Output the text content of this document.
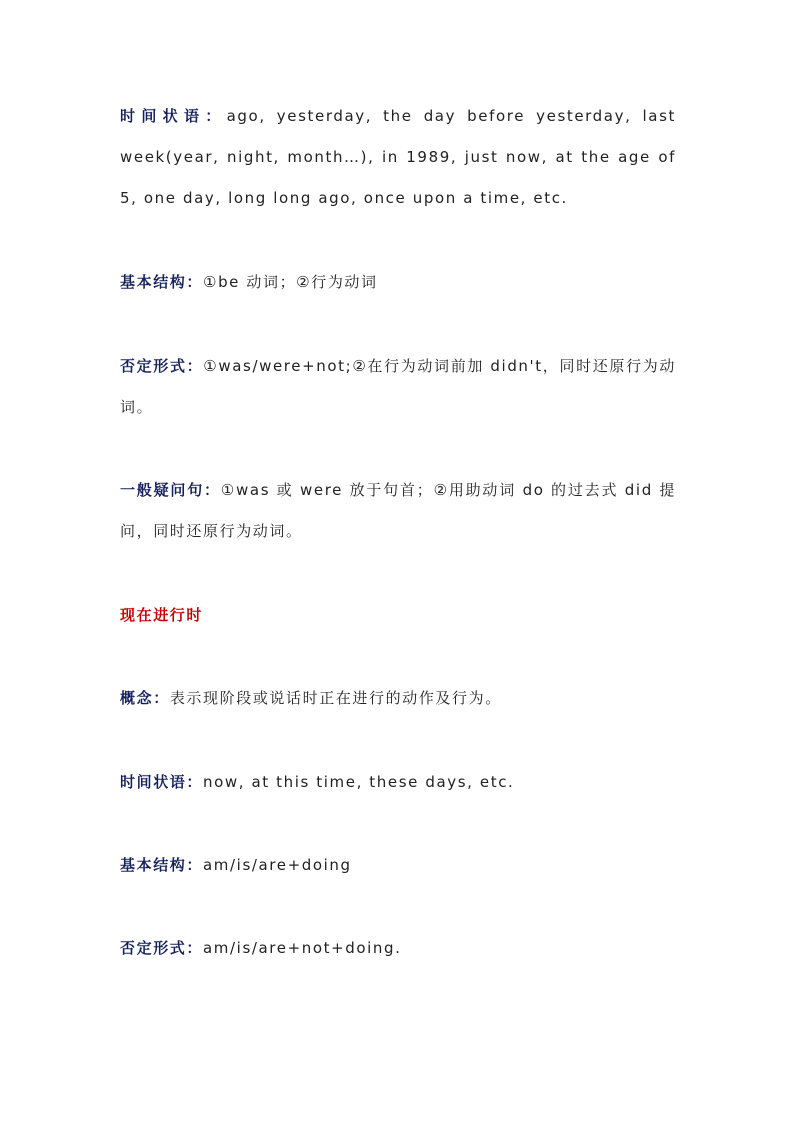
时间状语：ago, yesterday, the day before yesterday, last week(year, night, month…), in 1989, just now, at the age of 5, one day, long long ago, once upon a time, etc.

基本结构：①be 动词；②行为动词

否定形式：①was/were+not;②在行为动词前加 didn't，同时还原行为动词。

一般疑问句：①was 或 were 放于句首；②用助动词 do 的过去式 did 提问，同时还原行为动词。

现在进行时

概念：表示现阶段或说话时正在进行的动作及行为。

时间状语：now, at this time, these days, etc.

基本结构：am/is/are+doing

否定形式：am/is/are+not+doing.
